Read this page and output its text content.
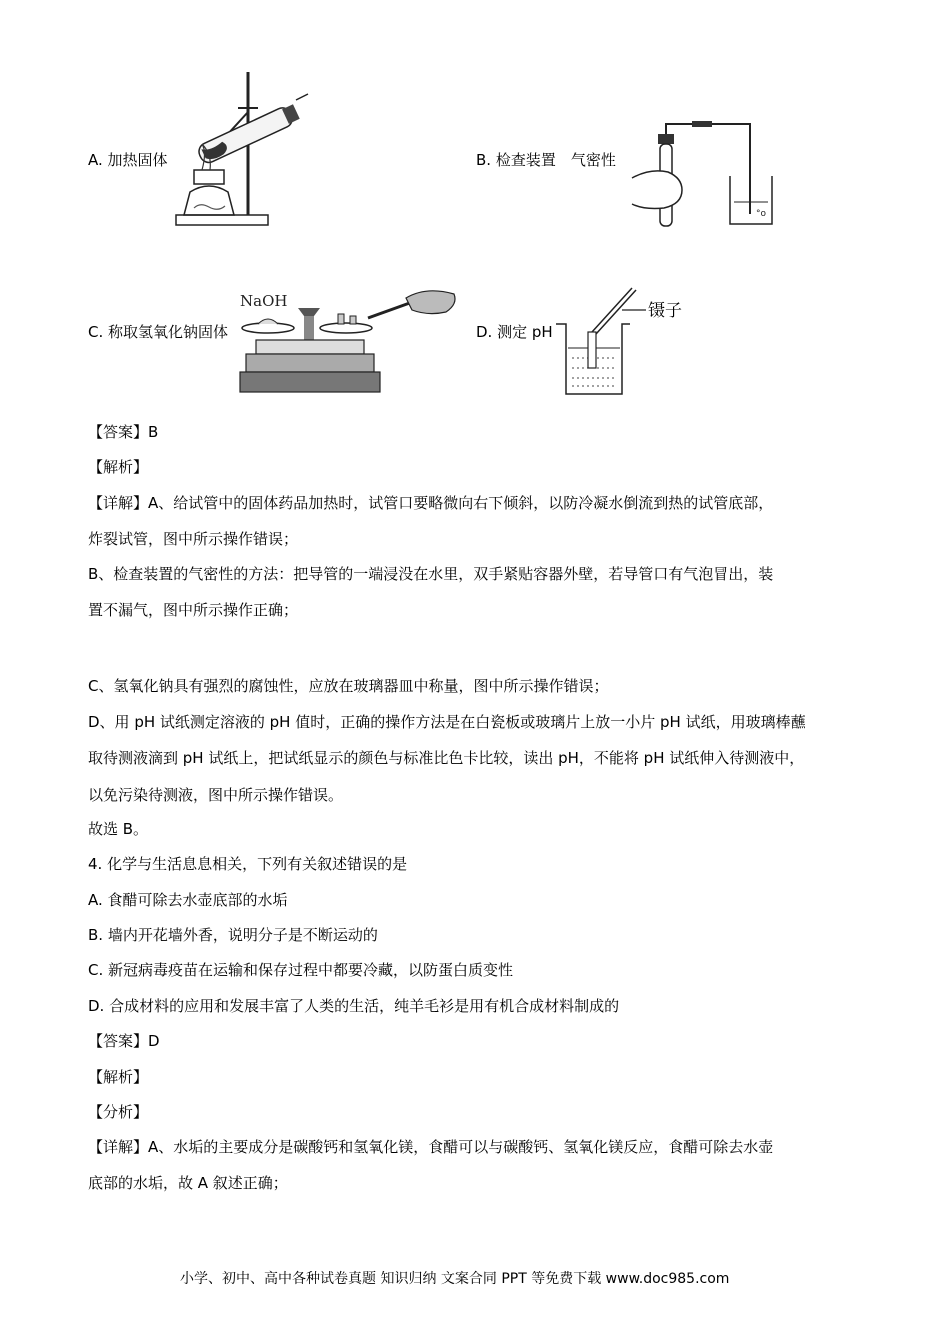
A. 加热固体	B. 检查装置　气密性
C. 称取氢氧化钠固体	D. 测定 pH
°o
NaOH	镊子
【答案】B
【解析】
【详解】A、给试管中的固体药品加热时，试管口要略微向右下倾斜，以防冷凝水倒流到热的试管底部，
炸裂试管，图中所示操作错误；
B、检查装置的气密性的方法：把导管的一端浸没在水里，双手紧贴容器外壁，若导管口有气泡冒出，装
置不漏气，图中所示操作正确；
C、氢氧化钠具有强烈的腐蚀性，应放在玻璃器皿中称量，图中所示操作错误；
D、用 pH 试纸测定溶液的 pH 值时，正确的操作方法是在白瓷板或玻璃片上放一小片 pH 试纸，用玻璃棒蘸
取待测液滴到 pH 试纸上，把试纸显示的颜色与标准比色卡比较，读出 pH，不能将 pH 试纸伸入待测液中，
以免污染待测液，图中所示操作错误。
故选 B。
4. 化学与生活息息相关，下列有关叙述错误的是
A. 食醋可除去水壶底部的水垢
B. 墙内开花墙外香，说明分子是不断运动的
C. 新冠病毒疫苗在运输和保存过程中都要冷藏，以防蛋白质变性
D. 合成材料的应用和发展丰富了人类的生活，纯羊毛衫是用有机合成材料制成的
【答案】D
【解析】
【分析】
【详解】A、水垢的主要成分是碳酸钙和氢氧化镁，食醋可以与碳酸钙、氢氧化镁反应，食醋可除去水壶
底部的水垢，故 A 叙述正确；
小学、初中、高中各种试卷真题 知识归纳 文案合同 PPT 等免费下载 www.doc985.com
